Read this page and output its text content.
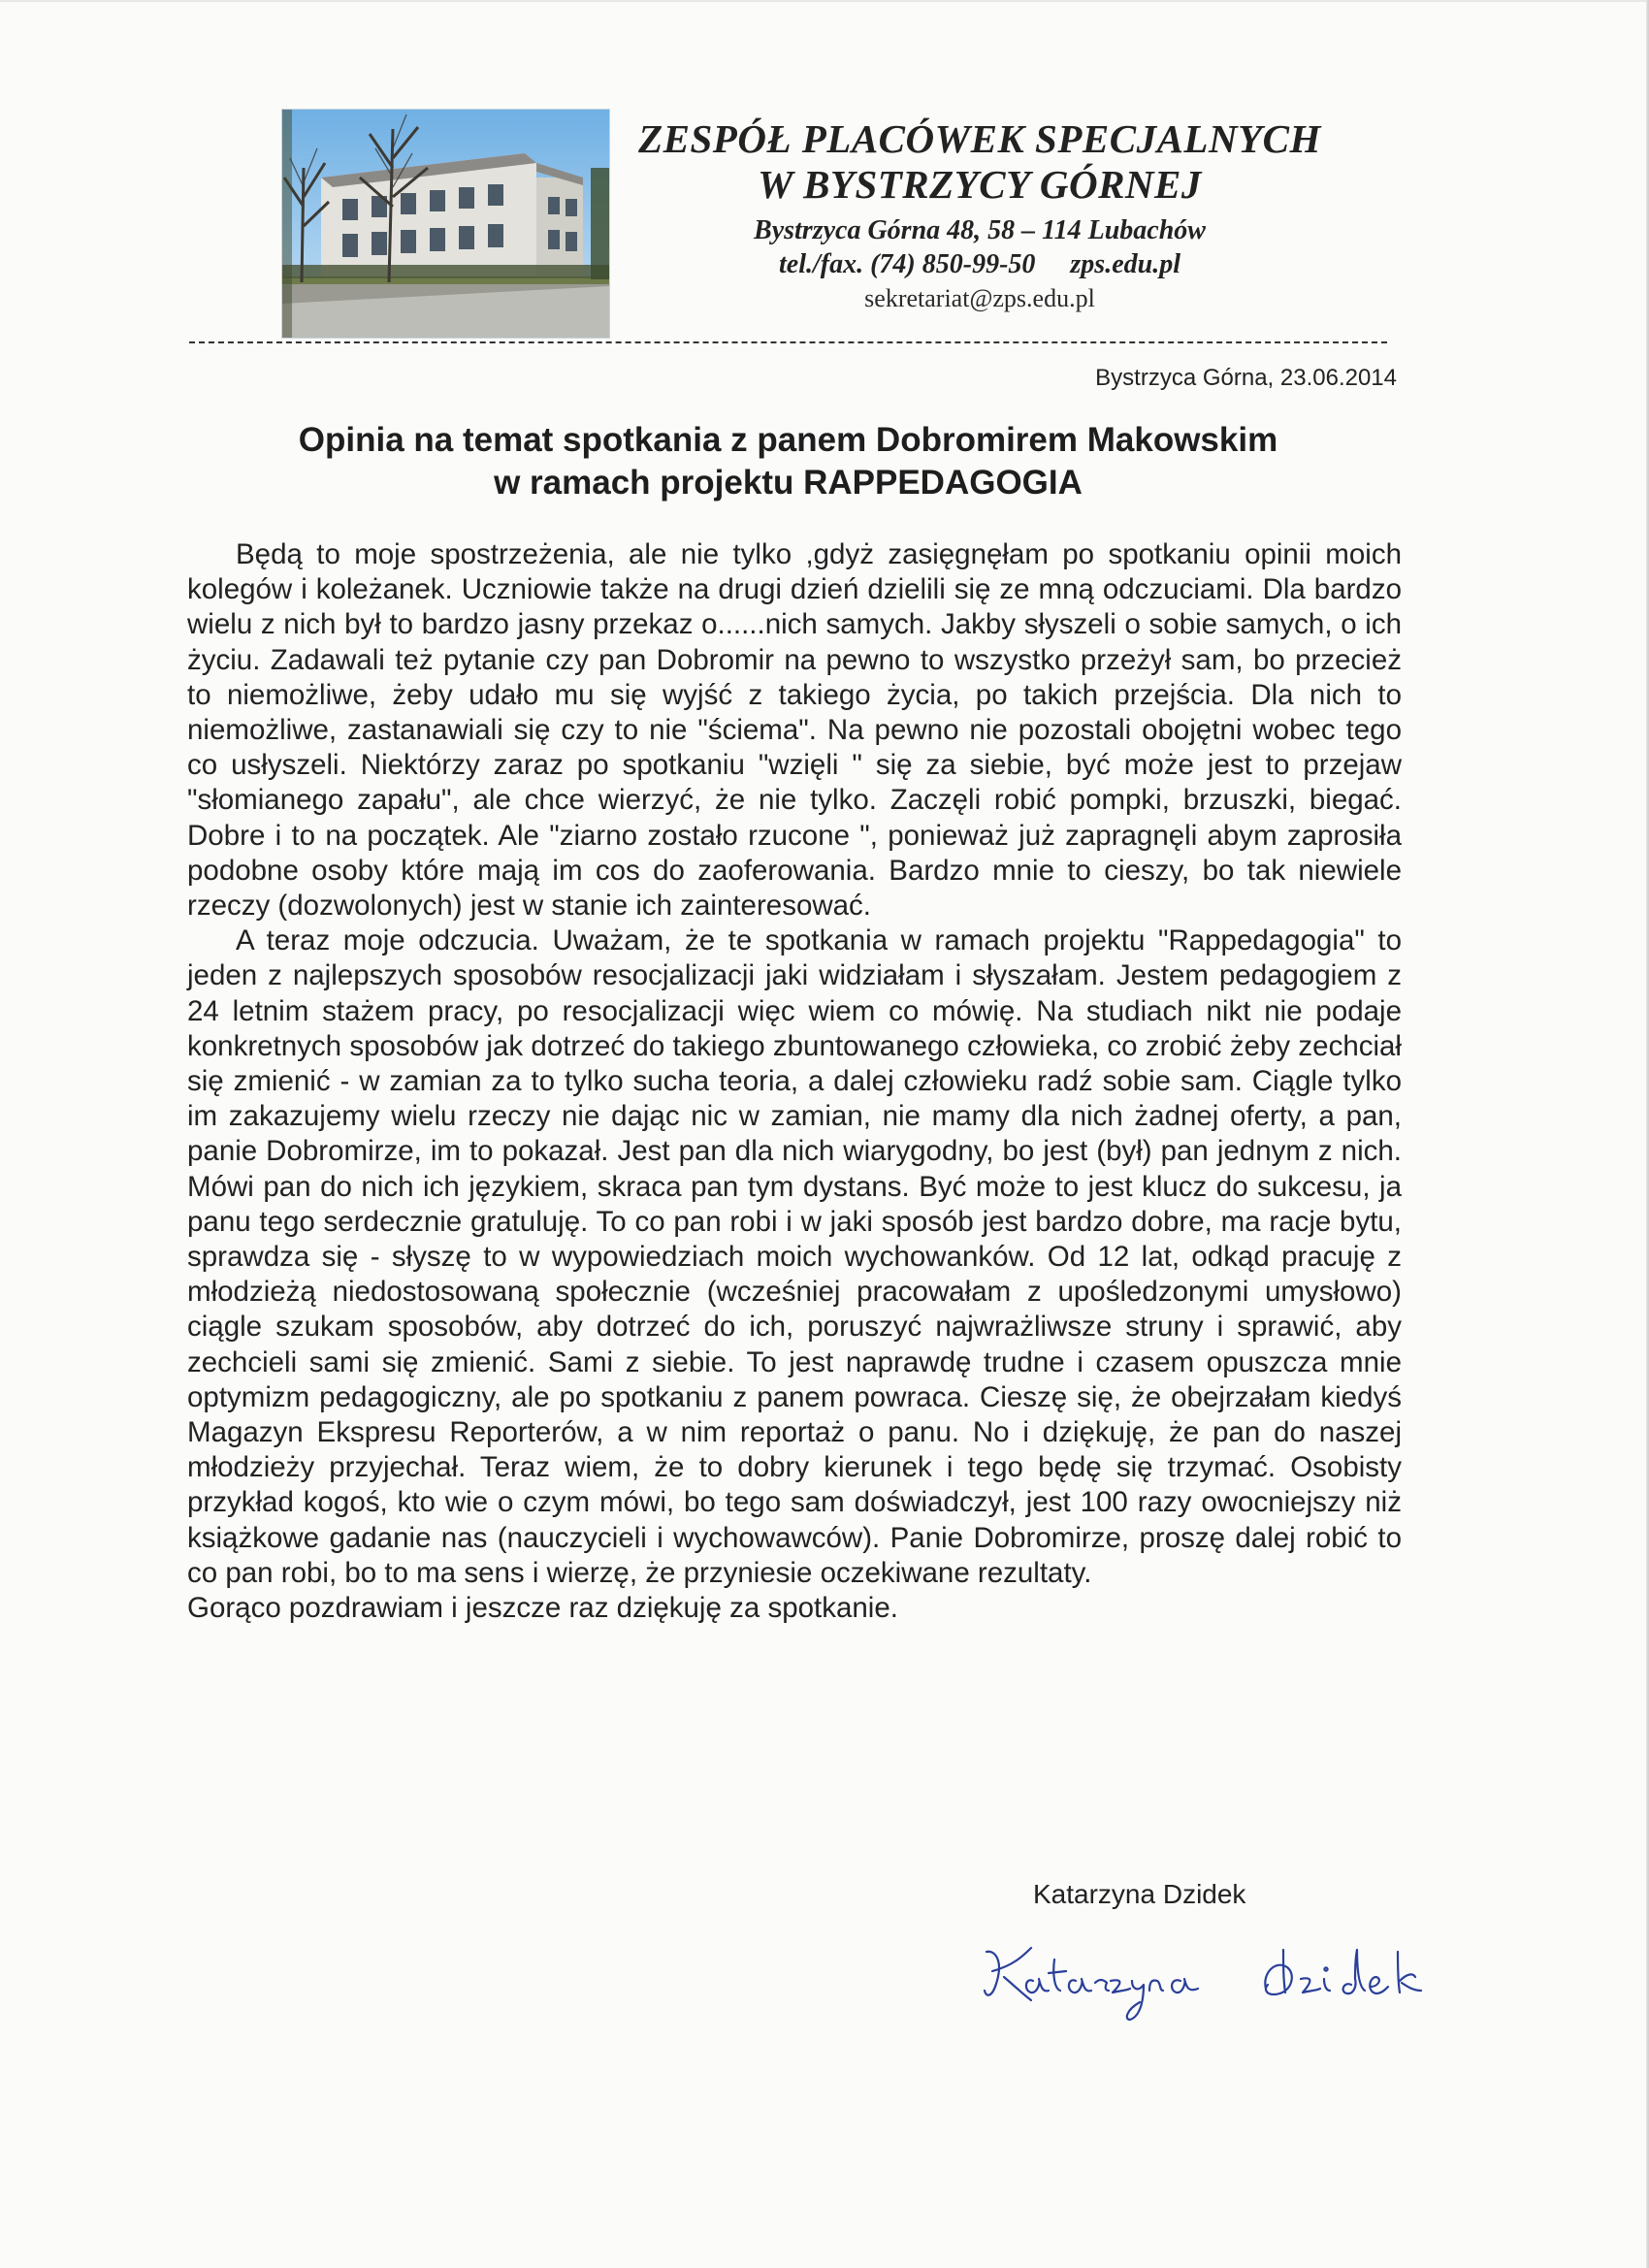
ZESPÓŁ PLACÓWEK SPECJALNYCH
W BYSTRZYCY GÓRNEJ
Bystrzyca Górna 48, 58 – 114 Lubachów
tel./fax. (74) 850-99-50 zps.edu.pl
sekretariat@zps.edu.pl
Bystrzyca Górna, 23.06.2014
Opinia na temat spotkania z panem Dobromirem Makowskim
w ramach projektu RAPPEDAGOGIA

Będą to moje spostrzeżenia, ale nie tylko ,gdyż zasięgnęłam po spotkaniu opinii moich kolegów i koleżanek. Uczniowie także na drugi dzień dzielili się ze mną odczuciami. Dla bardzo wielu z nich był to bardzo jasny przekaz o......nich samych. Jakby słyszeli o sobie samych, o ich życiu. Zadawali też pytanie czy pan Dobromir na pewno to wszystko przeżył sam, bo przecież to niemożliwe, żeby udało mu się wyjść z takiego życia, po takich przejścia. Dla nich to niemożliwe, zastanawiali się czy to nie "ściema". Na pewno nie pozostali obojętni wobec tego co usłyszeli. Niektórzy zaraz po spotkaniu "wzięli " się za siebie, być może jest to przejaw "słomianego zapału", ale chce wierzyć, że nie tylko. Zaczęli robić pompki, brzuszki, biegać. Dobre i to na początek. Ale "ziarno zostało rzucone ", ponieważ już zapragnęli abym zaprosiła podobne osoby które mają im cos do zaoferowania. Bardzo mnie to cieszy, bo tak niewiele rzeczy (dozwolonych) jest w stanie ich zainteresować.

A teraz moje odczucia. Uważam, że te spotkania w ramach projektu "Rappedagogia" to jeden z najlepszych sposobów resocjalizacji jaki widziałam i słyszałam. Jestem pedagogiem z 24 letnim stażem pracy, po resocjalizacji więc wiem co mówię. Na studiach nikt nie podaje konkretnych sposobów jak dotrzeć do takiego zbuntowanego człowieka, co zrobić żeby zechciał się zmienić - w zamian za to tylko sucha teoria, a dalej człowieku radź sobie sam. Ciągle tylko im zakazujemy wielu rzeczy nie dając nic w zamian, nie mamy dla nich żadnej oferty, a pan, panie Dobromirze, im to pokazał. Jest pan dla nich wiarygodny, bo jest (był) pan jednym z nich. Mówi pan do nich ich językiem, skraca pan tym dystans. Być może to jest klucz do sukcesu, ja panu tego serdecznie gratuluję. To co pan robi i w jaki sposób jest bardzo dobre, ma racje bytu, sprawdza się - słyszę to w wypowiedziach moich wychowanków. Od 12 lat, odkąd pracuję z młodzieżą niedostosowaną społecznie (wcześniej pracowałam z upośledzonymi umysłowo) ciągle szukam sposobów, aby dotrzeć do ich, poruszyć najwrażliwsze struny i sprawić, aby zechcieli sami się zmienić. Sami z siebie. To jest naprawdę trudne i czasem opuszcza mnie optymizm pedagogiczny, ale po spotkaniu z panem powraca. Cieszę się, że obejrzałam kiedyś Magazyn Ekspresu Reporterów, a w nim reportaż o panu. No i dziękuję, że pan do naszej młodzieży przyjechał. Teraz wiem, że to dobry kierunek i tego będę się trzymać. Osobisty przykład kogoś, kto wie o czym mówi, bo tego sam doświadczył, jest 100 razy owocniejszy niż książkowe gadanie nas (nauczycieli i wychowawców). Panie Dobromirze, proszę dalej robić to co pan robi, bo to ma sens i wierzę, że przyniesie oczekiwane rezultaty.

Gorąco pozdrawiam i jeszcze raz dziękuję za spotkanie.

Katarzyna Dzidek
